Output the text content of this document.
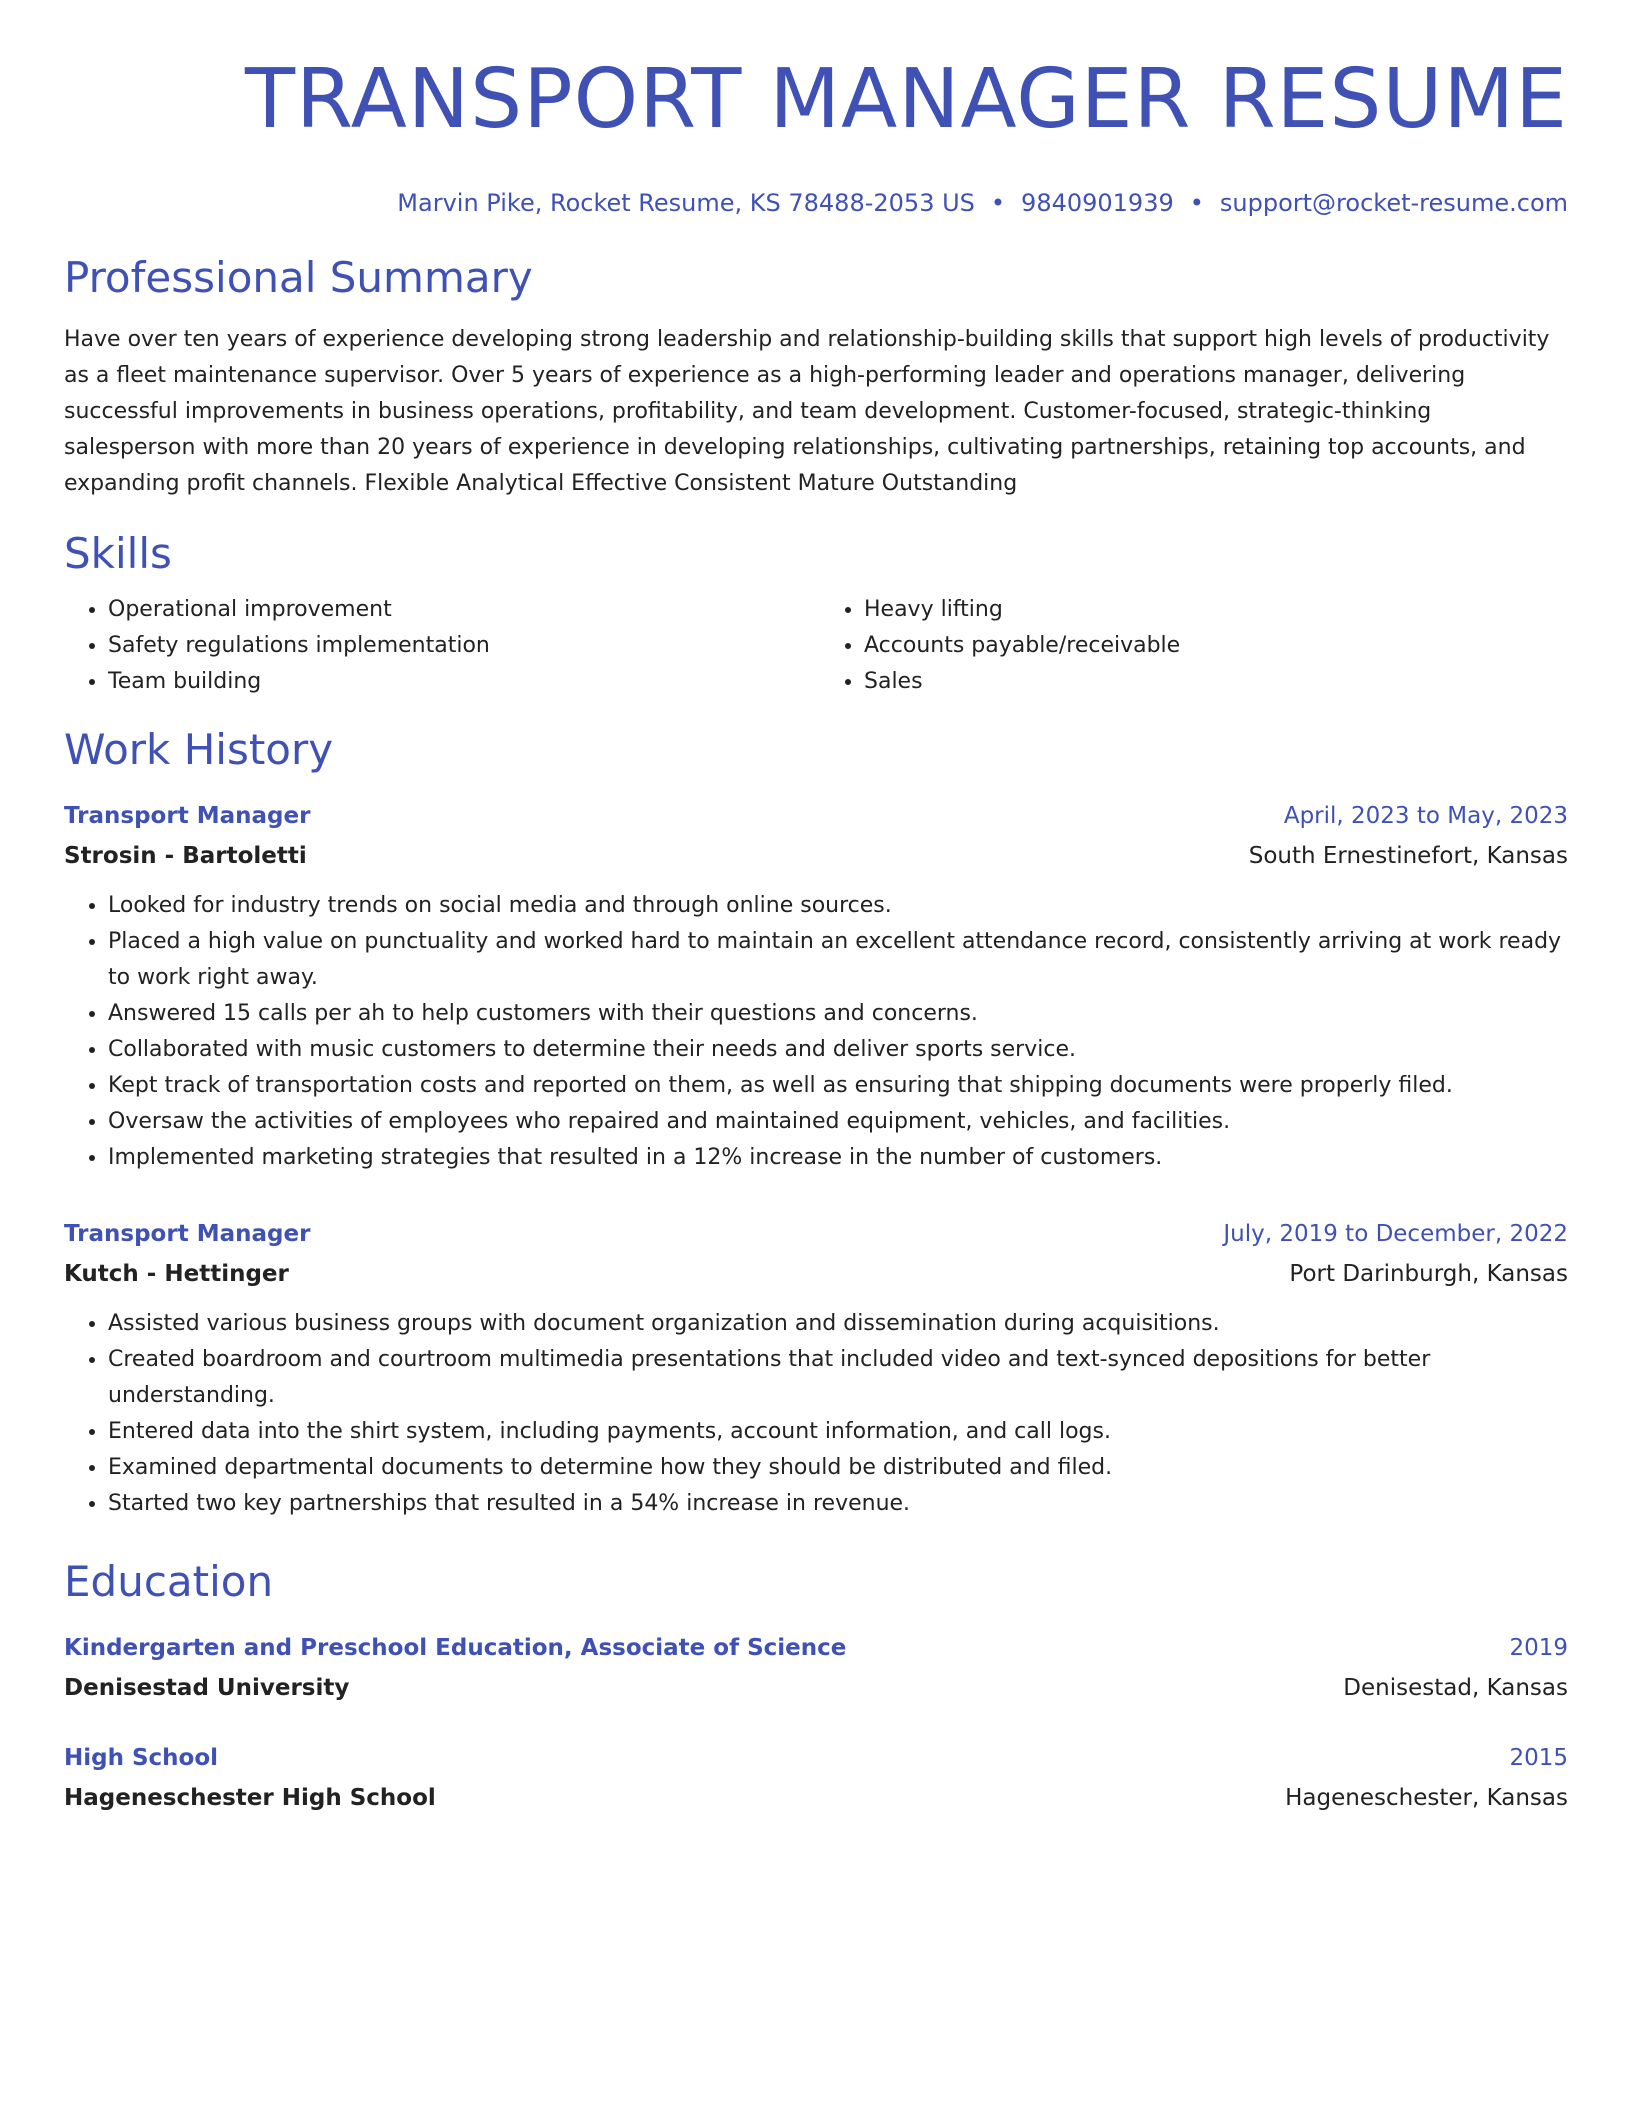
TRANSPORT MANAGER RESUME
Marvin Pike, Rocket Resume, KS 78488-2053 US • 9840901939 • support@rocket-resume.com
Professional Summary
Have over ten years of experience developing strong leadership and relationship-building skills that support high levels of productivity as a fleet maintenance supervisor. Over 5 years of experience as a high-performing leader and operations manager, delivering successful improvements in business operations, profitability, and team development. Customer-focused, strategic-thinking salesperson with more than 20 years of experience in developing relationships, cultivating partnerships, retaining top accounts, and expanding profit channels. Flexible Analytical Effective Consistent Mature Outstanding
Skills
• Operational improvement
• Safety regulations implementation
• Team building
• Heavy lifting
• Accounts payable/receivable
• Sales
Work History
Transport Manager	April, 2023 to May, 2023
Strosin - Bartoletti	South Ernestinefort, Kansas
• Looked for industry trends on social media and through online sources.
• Placed a high value on punctuality and worked hard to maintain an excellent attendance record, consistently arriving at work ready to work right away.
• Answered 15 calls per ah to help customers with their questions and concerns.
• Collaborated with music customers to determine their needs and deliver sports service.
• Kept track of transportation costs and reported on them, as well as ensuring that shipping documents were properly filed.
• Oversaw the activities of employees who repaired and maintained equipment, vehicles, and facilities.
• Implemented marketing strategies that resulted in a 12% increase in the number of customers.
Transport Manager	July, 2019 to December, 2022
Kutch - Hettinger	Port Darinburgh, Kansas
• Assisted various business groups with document organization and dissemination during acquisitions.
• Created boardroom and courtroom multimedia presentations that included video and text-synced depositions for better understanding.
• Entered data into the shirt system, including payments, account information, and call logs.
• Examined departmental documents to determine how they should be distributed and filed.
• Started two key partnerships that resulted in a 54% increase in revenue.
Education
Kindergarten and Preschool Education, Associate of Science	2019
Denisestad University	Denisestad, Kansas
High School	2015
Hageneschester High School	Hageneschester, Kansas
